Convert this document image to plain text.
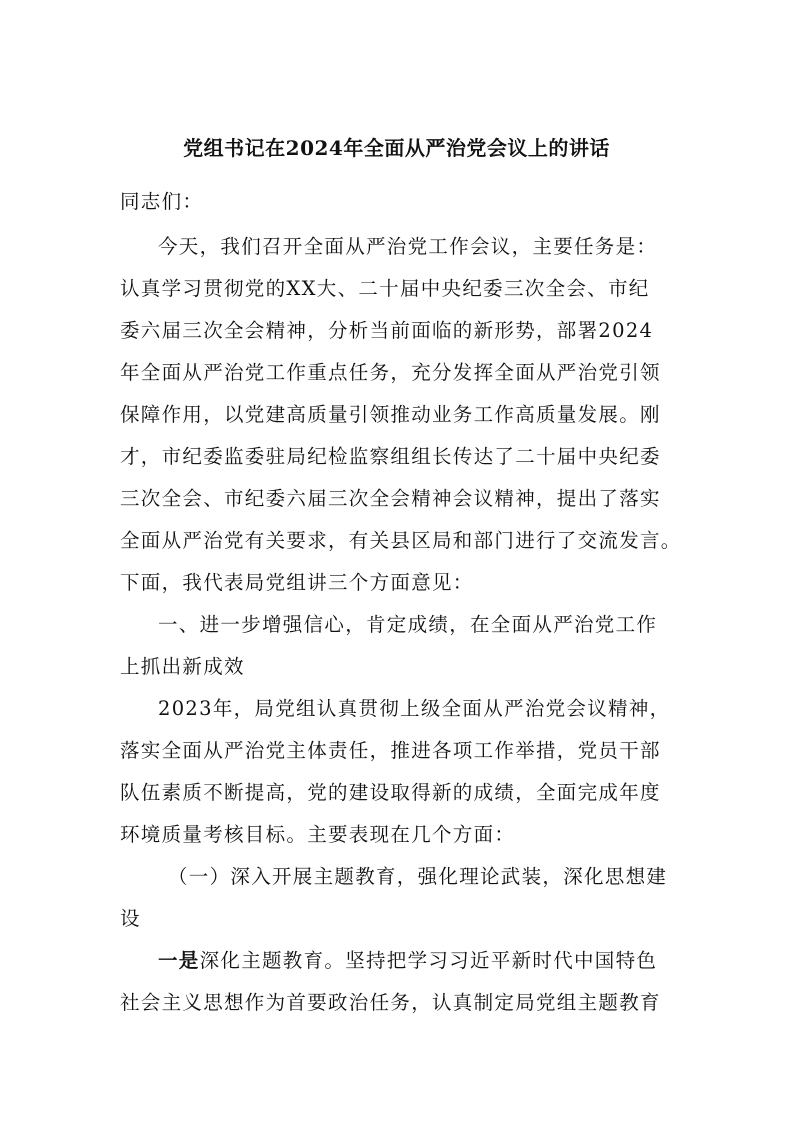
党组书记在2024年全面从严治党会议上的讲话
同志们：
今天，我们召开全面从严治党工作会议，主要任务是：
认真学习贯彻党的XX大、二十届中央纪委三次全会、市纪
委六届三次全会精神，分析当前面临的新形势，部署2024
年全面从严治党工作重点任务，充分发挥全面从严治党引领
保障作用，以党建高质量引领推动业务工作高质量发展。刚
才，市纪委监委驻局纪检监察组组长传达了二十届中央纪委
三次全会、市纪委六届三次全会精神会议精神，提出了落实
全面从严治党有关要求，有关县区局和部门进行了交流发言。
下面，我代表局党组讲三个方面意见：
一、进一步增强信心，肯定成绩，在全面从严治党工作
上抓出新成效
2023年，局党组认真贯彻上级全面从严治党会议精神，
落实全面从严治党主体责任，推进各项工作举措，党员干部
队伍素质不断提高，党的建设取得新的成绩，全面完成年度
环境质量考核目标。主要表现在几个方面：
（一）深入开展主题教育，强化理论武装，深化思想建
设
一是深化主题教育。坚持把学习习近平新时代中国特色
社会主义思想作为首要政治任务，认真制定局党组主题教育
